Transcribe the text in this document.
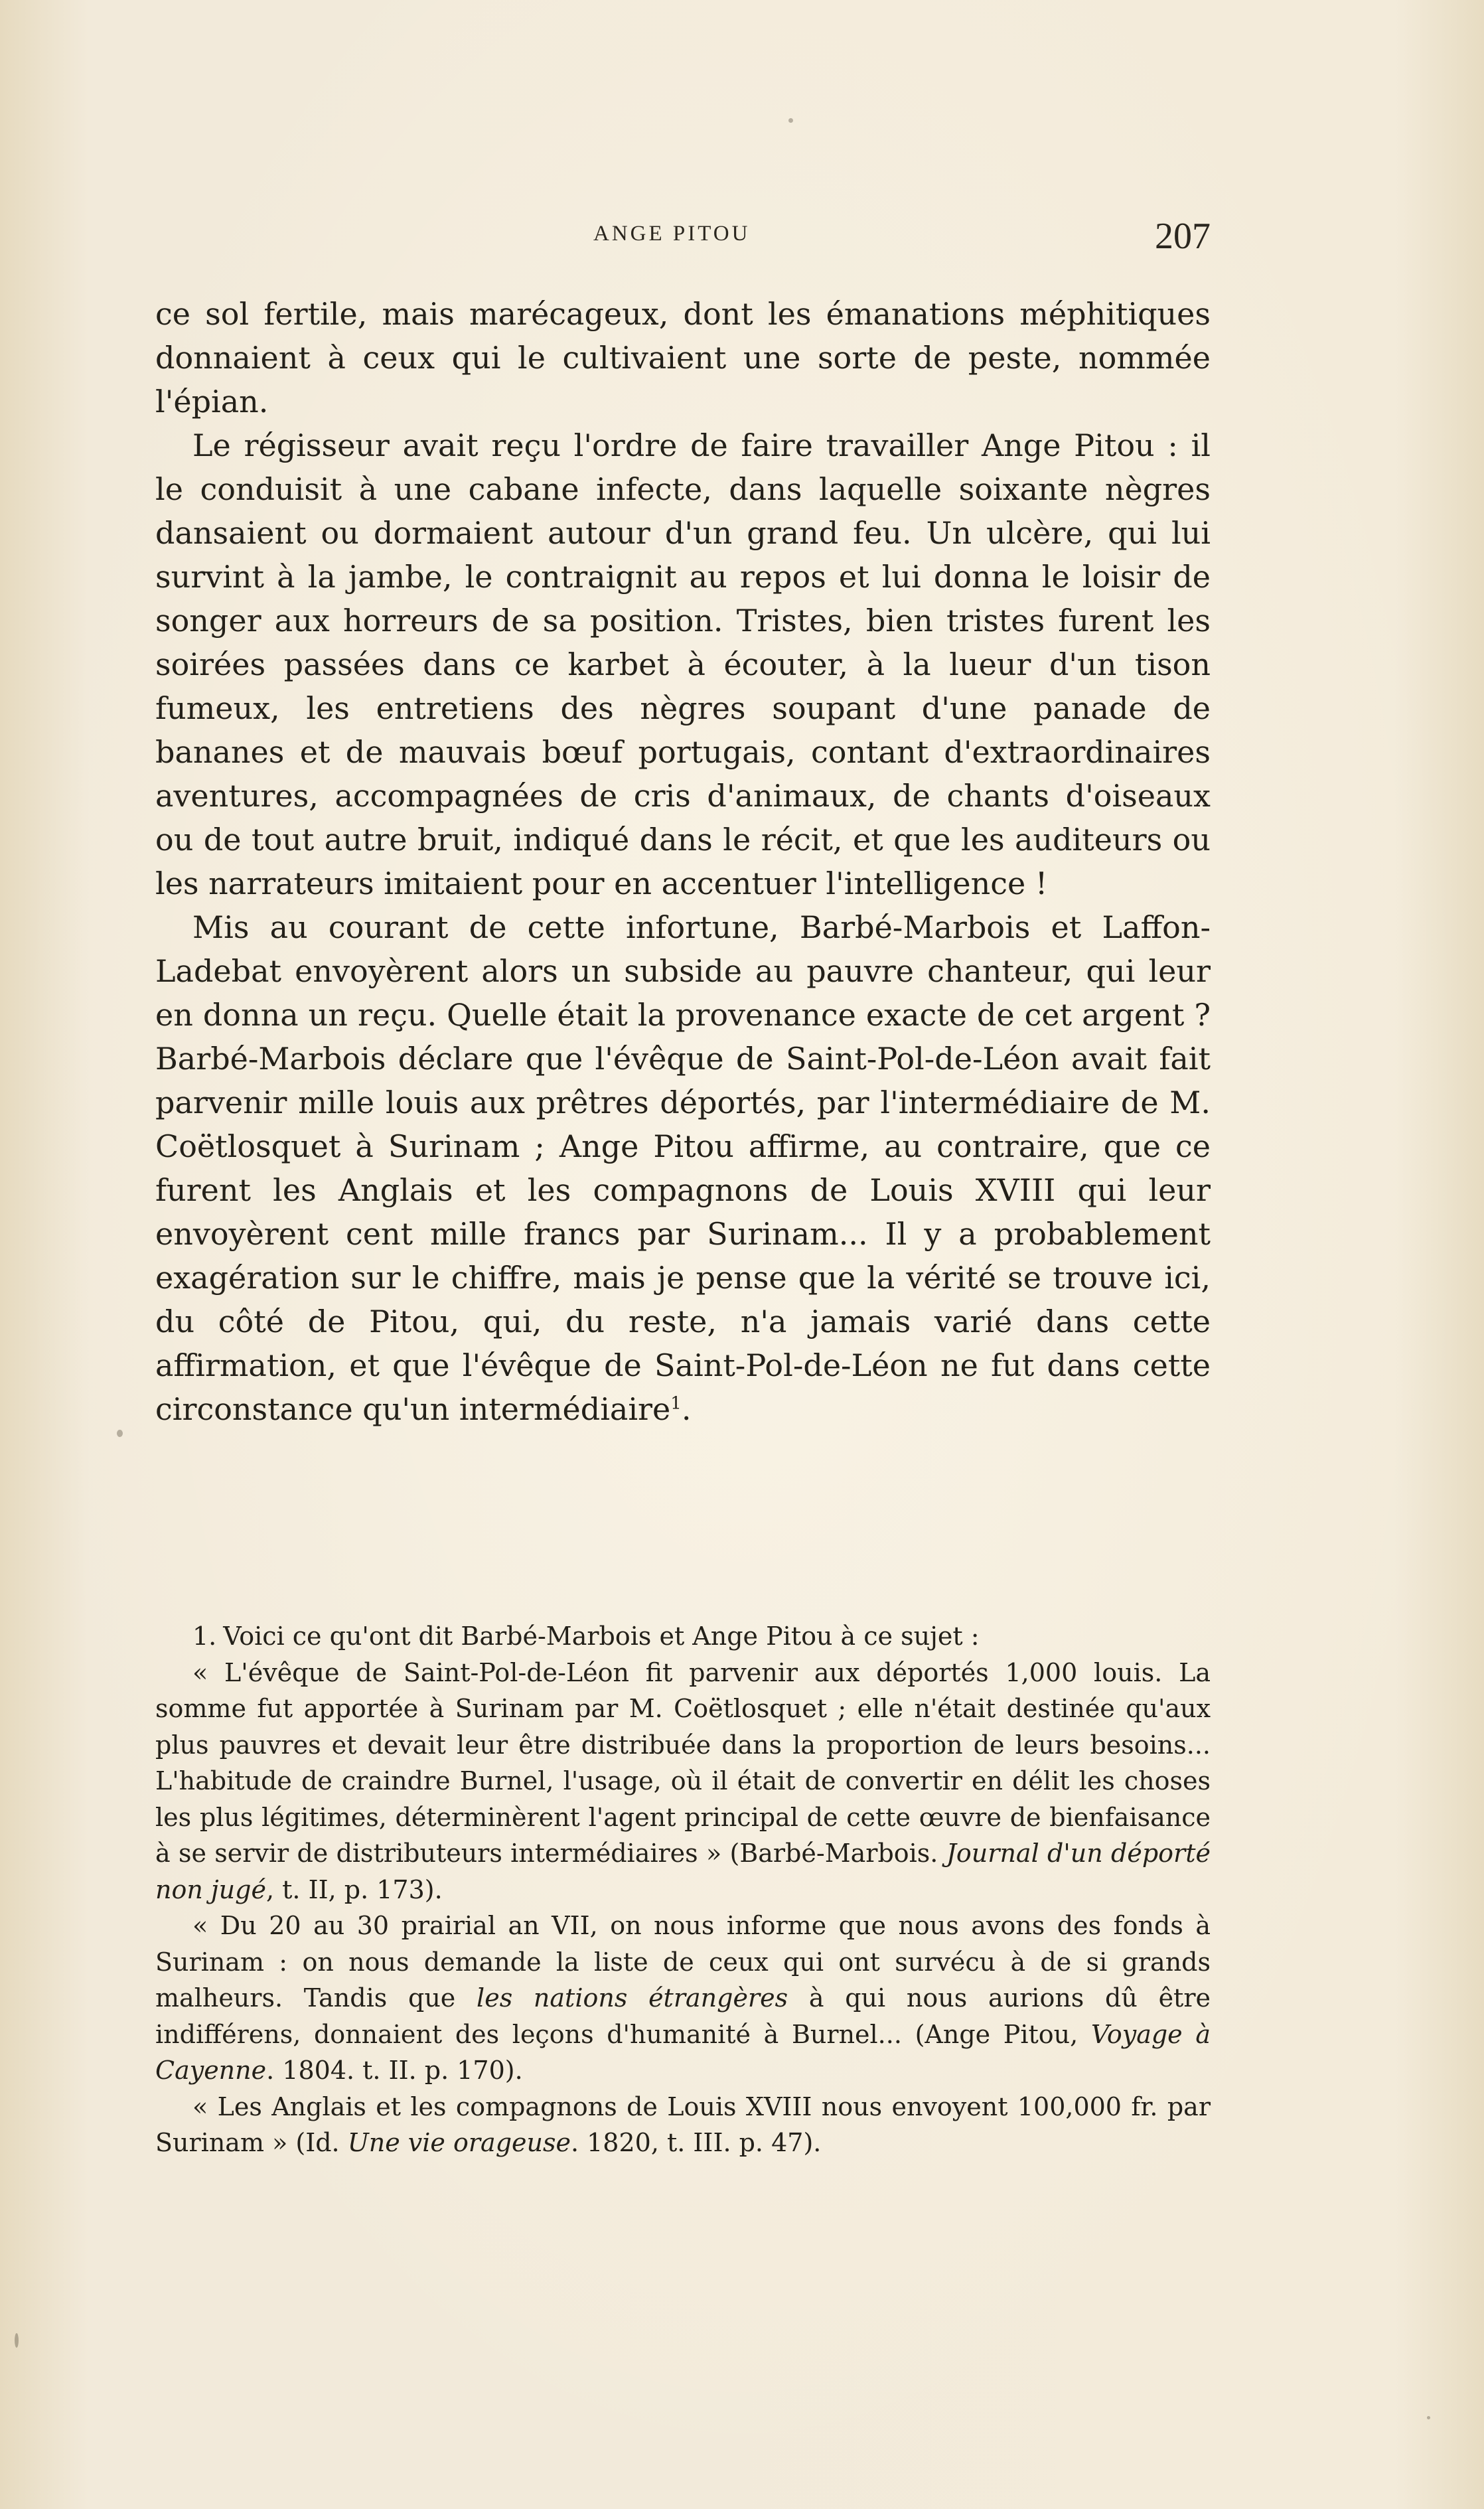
ANGE PITOU	207

ce sol fertile, mais marécageux, dont les émanations méphitiques donnaient à ceux qui le cultivaient une sorte de peste, nommée l'épian.

Le régisseur avait reçu l'ordre de faire travailler Ange Pitou : il le conduisit à une cabane infecte, dans laquelle soixante nègres dansaient ou dormaient autour d'un grand feu. Un ulcère, qui lui survint à la jambe, le contraignit au repos et lui donna le loisir de songer aux horreurs de sa position. Tristes, bien tristes furent les soirées passées dans ce karbet à écouter, à la lueur d'un tison fumeux, les entretiens des nègres soupant d'une panade de bananes et de mauvais bœuf portugais, contant d'extraordinaires aventures, accompagnées de cris d'animaux, de chants d'oiseaux ou de tout autre bruit, indiqué dans le récit, et que les auditeurs ou les narrateurs imitaient pour en accentuer l'intelligence !

Mis au courant de cette infortune, Barbé-Marbois et Laffon-Ladebat envoyèrent alors un subside au pauvre chanteur, qui leur en donna un reçu. Quelle était la provenance exacte de cet argent ? Barbé-Marbois déclare que l'évêque de Saint-Pol-de-Léon avait fait parvenir mille louis aux prêtres déportés, par l'intermédiaire de M. Coëtlosquet à Surinam ; Ange Pitou affirme, au contraire, que ce furent les Anglais et les compagnons de Louis XVIII qui leur envoyèrent cent mille francs par Surinam... Il y a probablement exagération sur le chiffre, mais je pense que la vérité se trouve ici, du côté de Pitou, qui, du reste, n'a jamais varié dans cette affirmation, et que l'évêque de Saint-Pol-de-Léon ne fut dans cette circonstance qu'un intermédiaire$^1$.

1. Voici ce qu'ont dit Barbé-Marbois et Ange Pitou à ce sujet :

« L'évêque de Saint-Pol-de-Léon fit parvenir aux déportés 1,000 louis. La somme fut apportée à Surinam par M. Coëtlosquet ; elle n'était destinée qu'aux plus pauvres et devait leur être distribuée dans la proportion de leurs besoins... L'habitude de craindre Burnel, l'usage, où il était de convertir en délit les choses les plus légitimes, déterminèrent l'agent principal de cette œuvre de bienfaisance à se servir de distributeurs intermédiaires » (Barbé-Marbois. Journal d'un déporté non jugé, t. II, p. 173).

« Du 20 au 30 prairial an VII, on nous informe que nous avons des fonds à Surinam : on nous demande la liste de ceux qui ont survécu à de si grands malheurs. Tandis que les nations étrangères à qui nous aurions dû être indifférens, donnaient des leçons d'humanité à Burnel... (Ange Pitou, Voyage à Cayenne. 1804. t. II. p. 170).

« Les Anglais et les compagnons de Louis XVIII nous envoyent 100,000 fr. par Surinam » (Id. Une vie orageuse. 1820, t. III. p. 47).
